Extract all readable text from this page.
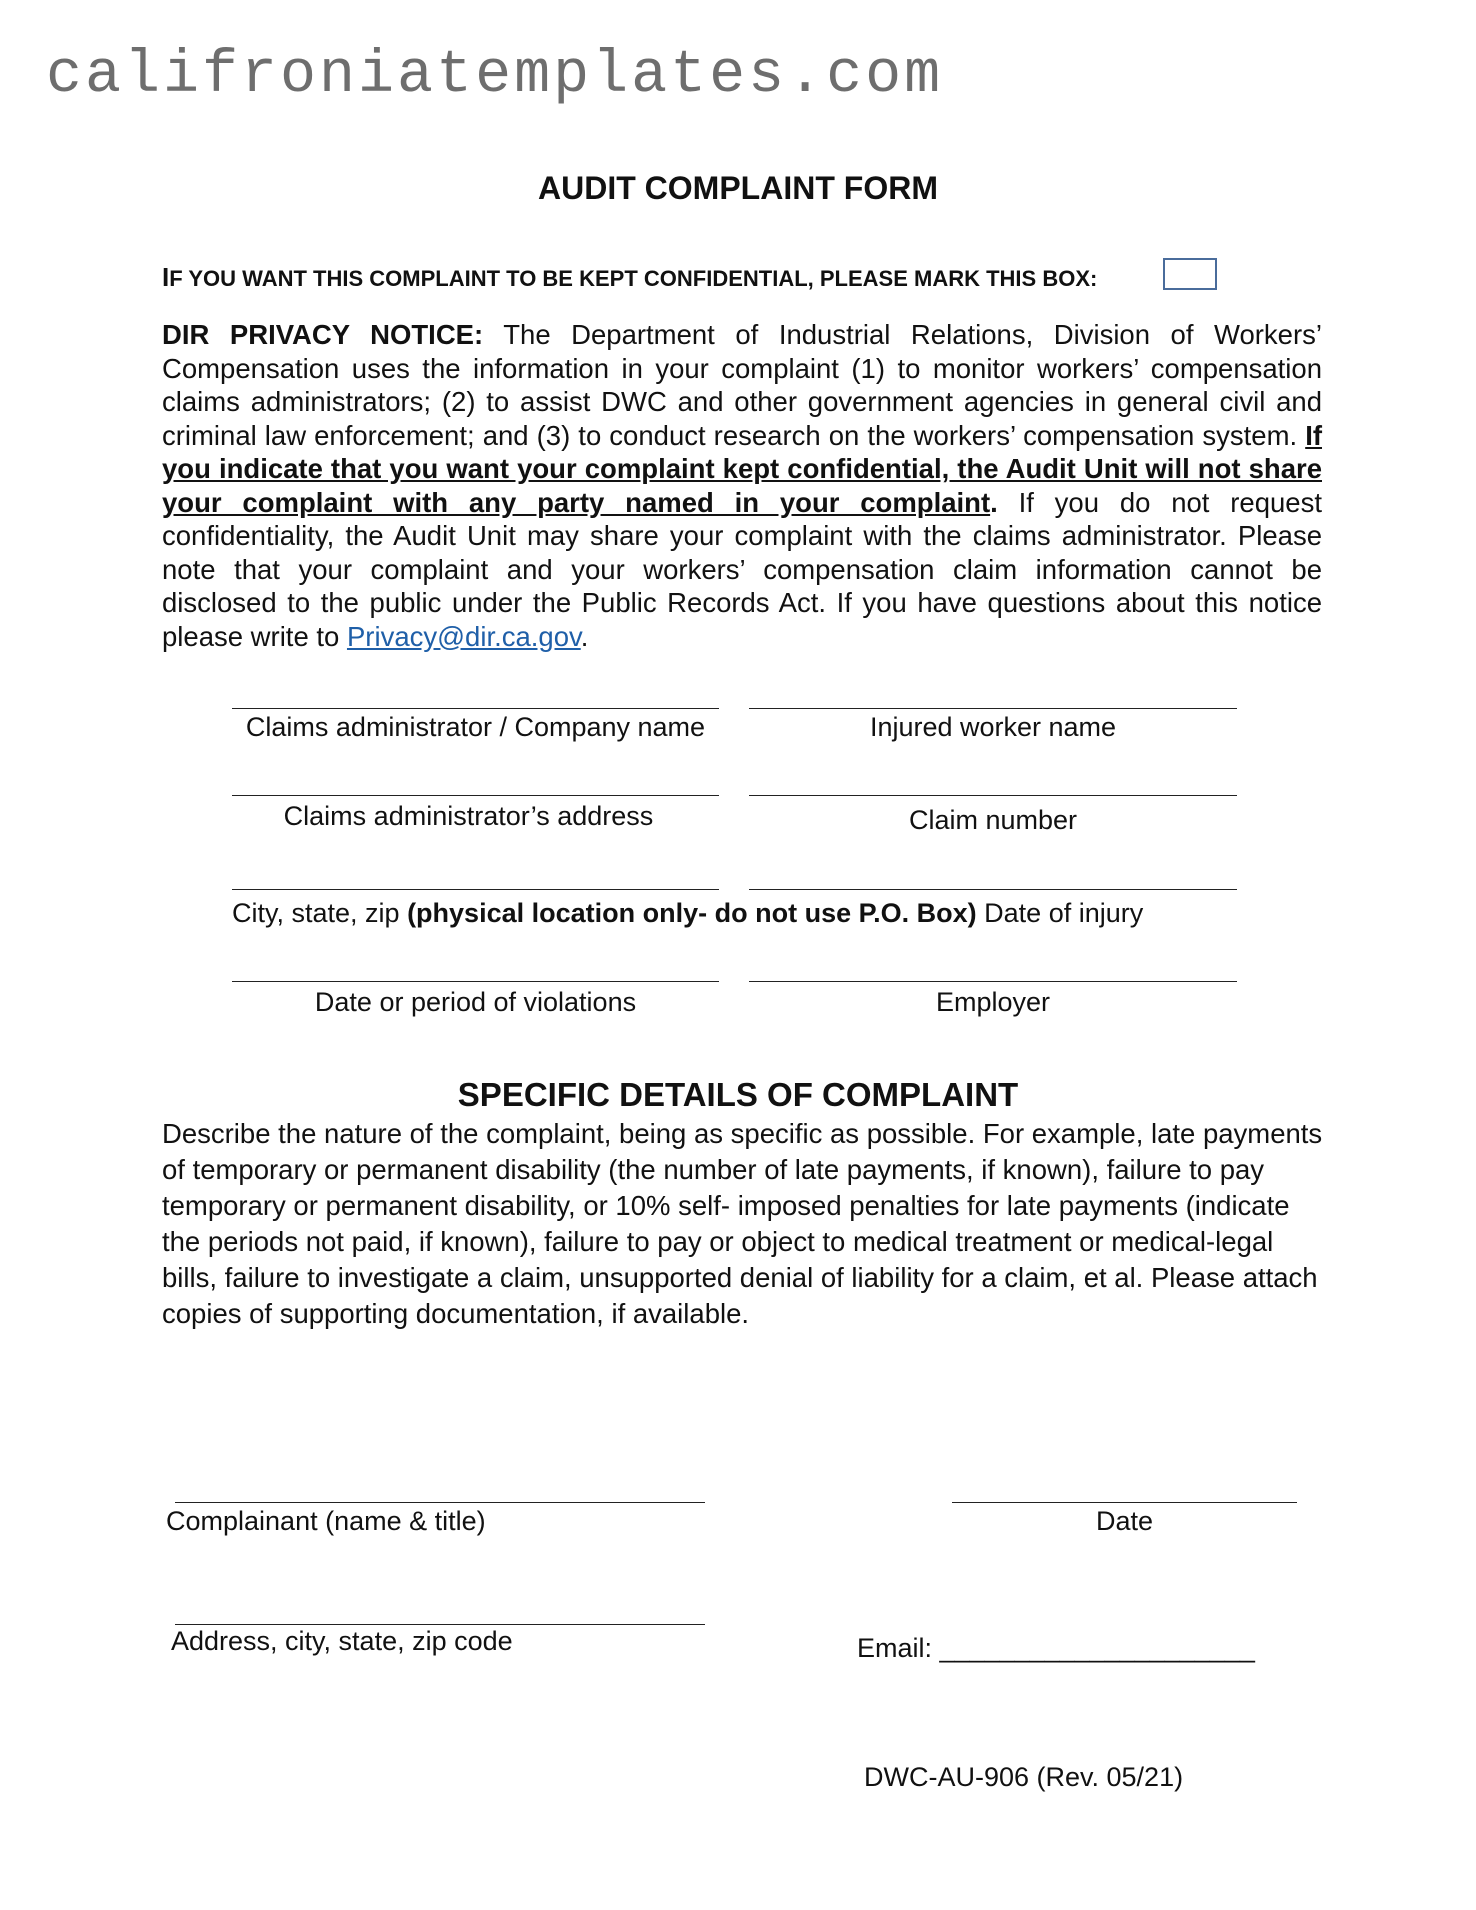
califroniatemplates.com
AUDIT COMPLAINT FORM
IF YOU WANT THIS COMPLAINT TO BE KEPT CONFIDENTIAL, PLEASE MARK THIS BOX:
DIR PRIVACY NOTICE: The Department of Industrial Relations, Division of Workers’ Compensation uses the information in your complaint (1) to monitor workers’ compensation claims administrators; (2) to assist DWC and other government agencies in general civil and criminal law enforcement; and (3) to conduct research on the workers’ compensation system. If you indicate that you want your complaint kept confidential, the Audit Unit will not share your complaint with any party named in your complaint. If you do not request confidentiality, the Audit Unit may share your complaint with the claims administrator. Please note that your complaint and your workers’ compensation claim information cannot be disclosed to the public under the Public Records Act. If you have questions about this notice please write to Privacy@dir.ca.gov.
Claims administrator / Company name	Injured worker name
Claims administrator’s address	Claim number
City, state, zip (physical location only- do not use P.O. Box) Date of injury
Date or period of violations	Employer
SPECIFIC DETAILS OF COMPLAINT

Describe the nature of the complaint, being as specific as possible. For example, late payments of temporary or permanent disability (the number of late payments, if known), failure to pay temporary or permanent disability, or 10% self- imposed penalties for late payments (indicate the periods not paid, if known), failure to pay or object to medical treatment or medical-legal bills, failure to investigate a claim, unsupported denial of liability for a claim, et al. Please attach copies of supporting documentation, if available.

Complainant (name & title)	Date
Address, city, state, zip code	Email: _____________________
DWC-AU-906 (Rev. 05/21)
